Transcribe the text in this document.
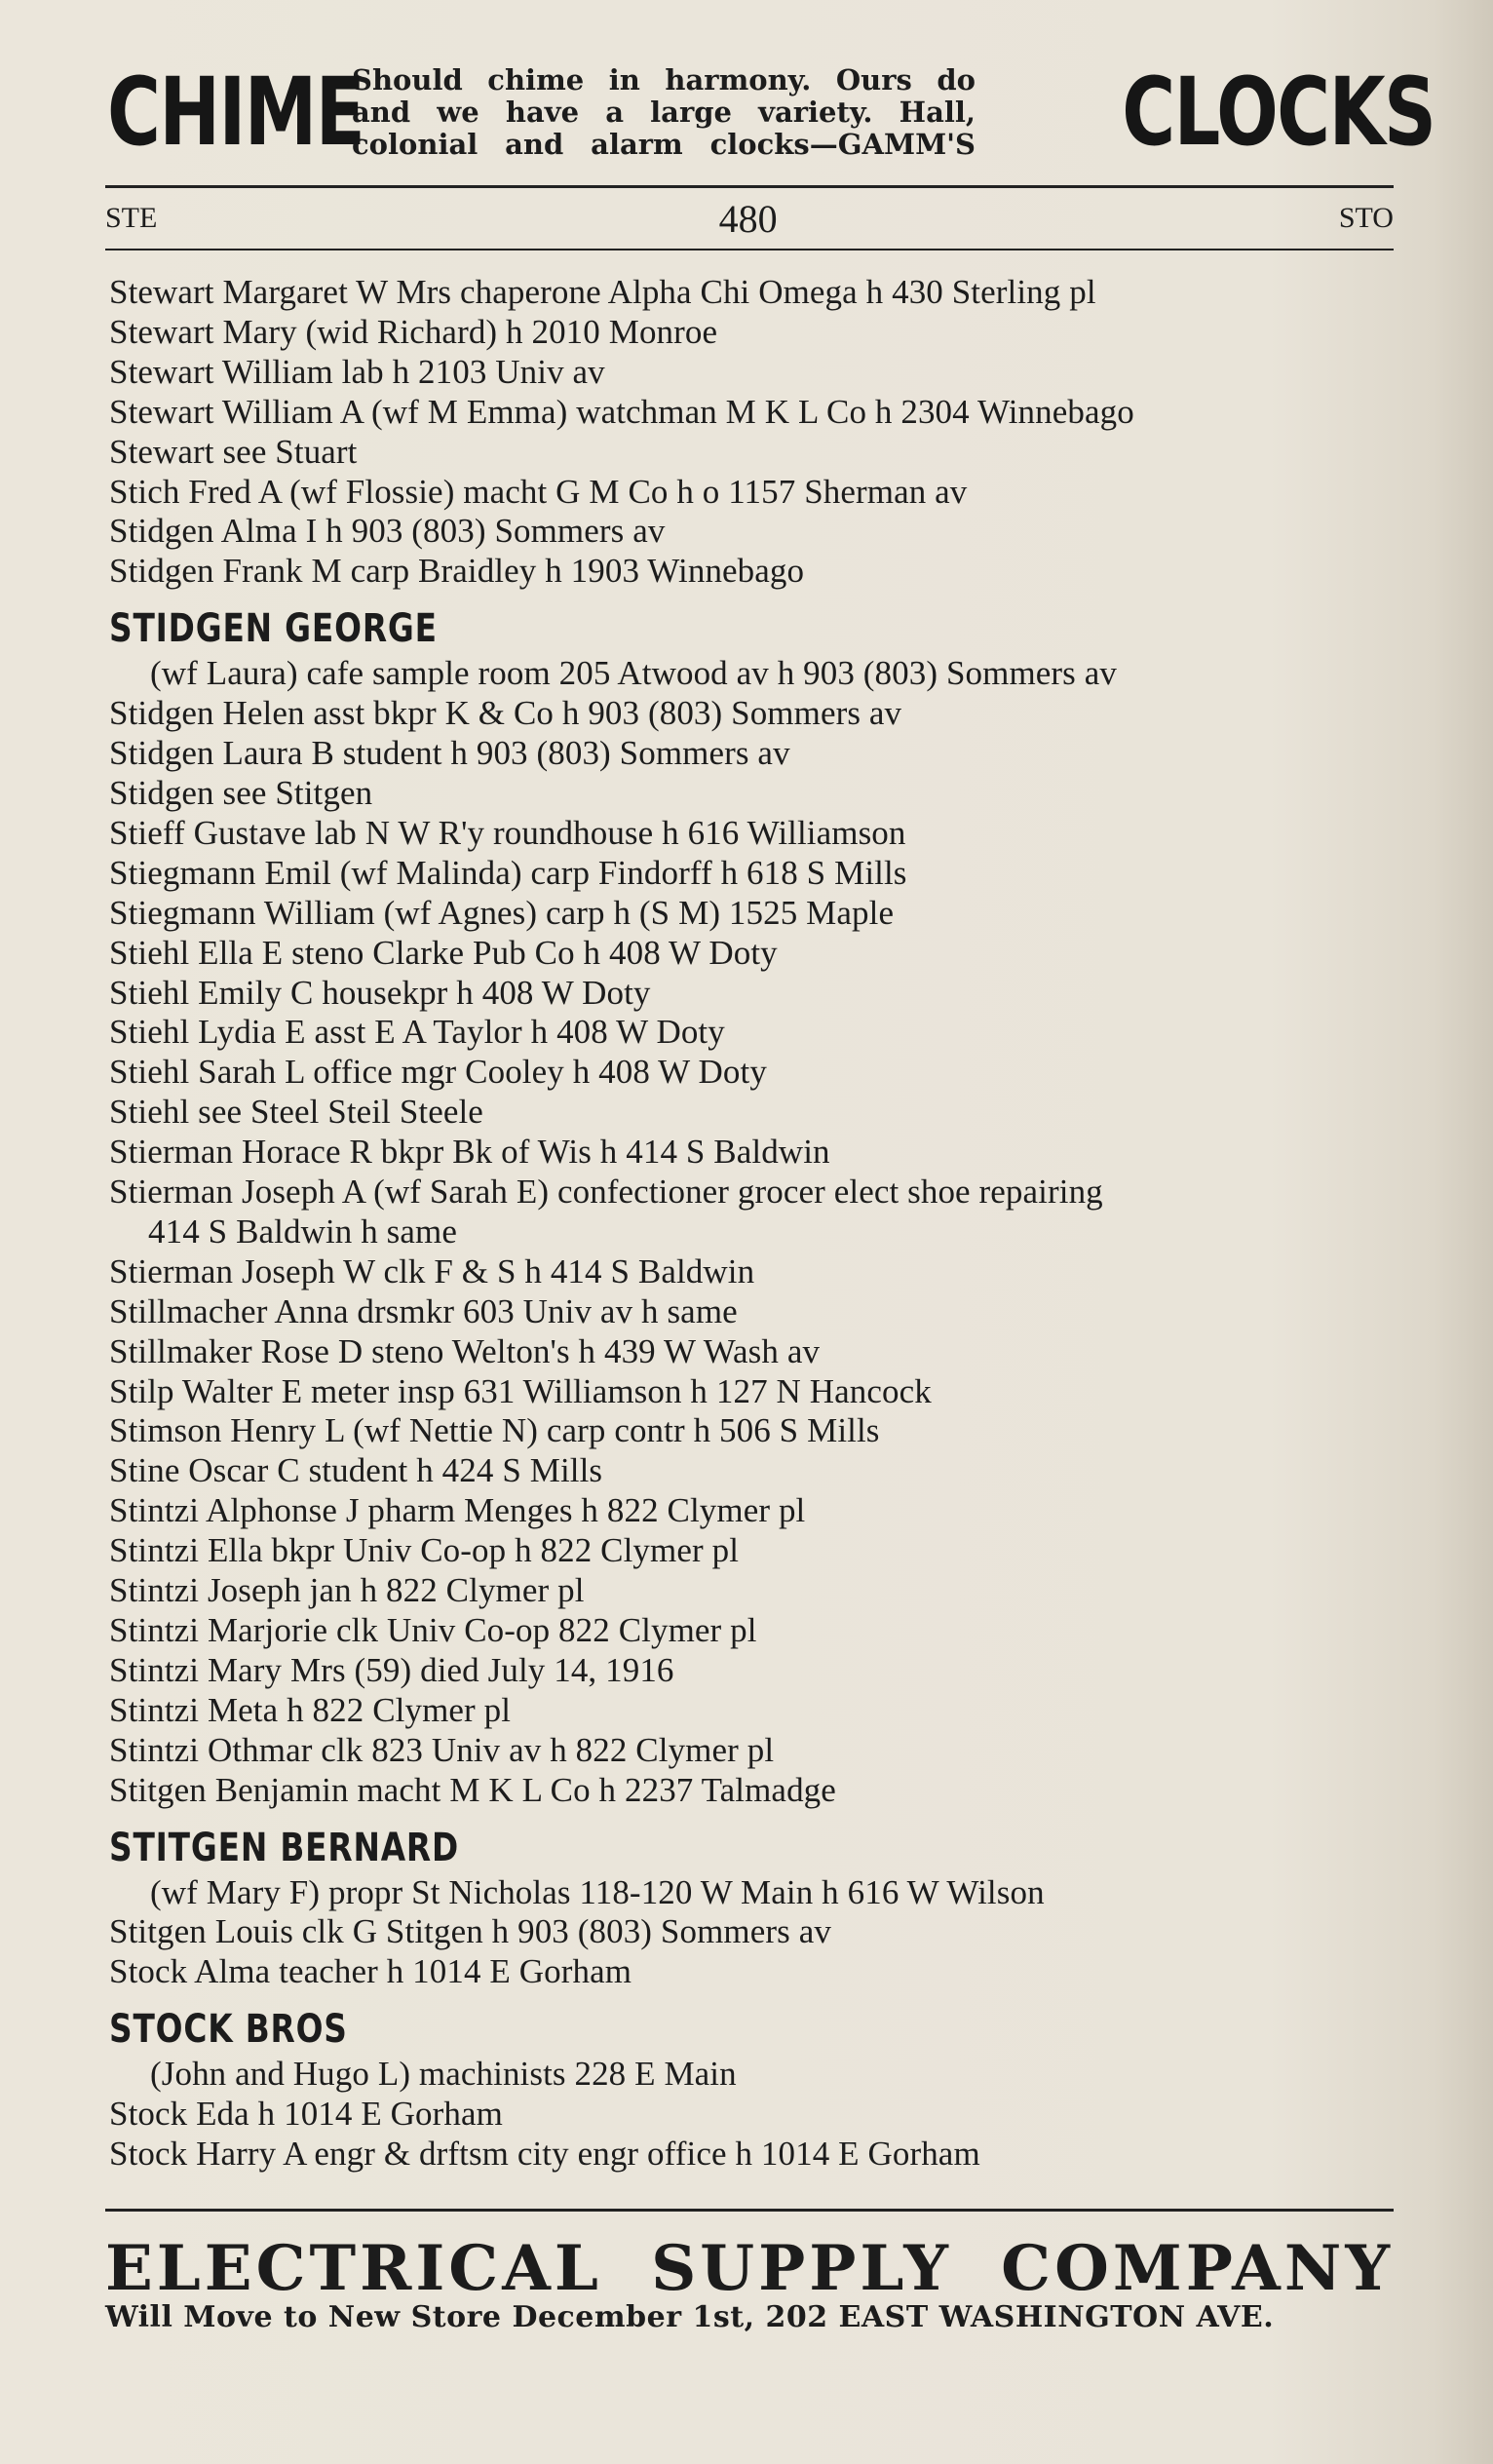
CHIME
Should chime in harmony. Ours do
and we have a large variety. Hall,
colonial and alarm clocks—GAMM'S CLOCKS
STE	480	STO
Stewart Margaret W Mrs chaperone Alpha Chi Omega h 430 Sterling pl
Stewart Mary (wid Richard) h 2010 Monroe
Stewart William lab h 2103 Univ av
Stewart William A (wf M Emma) watchman M K L Co h 2304 Winnebago
Stewart see Stuart
Stich Fred A (wf Flossie) macht G M Co h o 1157 Sherman av
Stidgen Alma I h 903 (803) Sommers av
Stidgen Frank M carp Braidley h 1903 Winnebago
STIDGEN GEORGE
(wf Laura) cafe sample room 205 Atwood av h 903 (803) Sommers av
Stidgen Helen asst bkpr K & Co h 903 (803) Sommers av
Stidgen Laura B student h 903 (803) Sommers av
Stidgen see Stitgen
Stieff Gustave lab N W R'y roundhouse h 616 Williamson
Stiegmann Emil (wf Malinda) carp Findorff h 618 S Mills
Stiegmann William (wf Agnes) carp h (S M) 1525 Maple
Stiehl Ella E steno Clarke Pub Co h 408 W Doty
Stiehl Emily C housekpr h 408 W Doty
Stiehl Lydia E asst E A Taylor h 408 W Doty
Stiehl Sarah L office mgr Cooley h 408 W Doty
Stiehl see Steel Steil Steele
Stierman Horace R bkpr Bk of Wis h 414 S Baldwin
Stierman Joseph A (wf Sarah E) confectioner grocer elect shoe repairing
414 S Baldwin h same
Stierman Joseph W clk F & S h 414 S Baldwin
Stillmacher Anna drsmkr 603 Univ av h same
Stillmaker Rose D steno Welton's h 439 W Wash av
Stilp Walter E meter insp 631 Williamson h 127 N Hancock
Stimson Henry L (wf Nettie N) carp contr h 506 S Mills
Stine Oscar C student h 424 S Mills
Stintzi Alphonse J pharm Menges h 822 Clymer pl
Stintzi Ella bkpr Univ Co-op h 822 Clymer pl
Stintzi Joseph jan h 822 Clymer pl
Stintzi Marjorie clk Univ Co-op 822 Clymer pl
Stintzi Mary Mrs (59) died July 14, 1916
Stintzi Meta h 822 Clymer pl
Stintzi Othmar clk 823 Univ av h 822 Clymer pl
Stitgen Benjamin macht M K L Co h 2237 Talmadge
STITGEN BERNARD
(wf Mary F) propr St Nicholas 118-120 W Main h 616 W Wilson
Stitgen Louis clk G Stitgen h 903 (803) Sommers av
Stock Alma teacher h 1014 E Gorham
STOCK BROS
(John and Hugo L) machinists 228 E Main
Stock Eda h 1014 E Gorham
Stock Harry A engr & drftsm city engr office h 1014 E Gorham
ELECTRICAL SUPPLY COMPANY
Will Move to New Store December 1st, 202 EAST WASHINGTON AVE.
